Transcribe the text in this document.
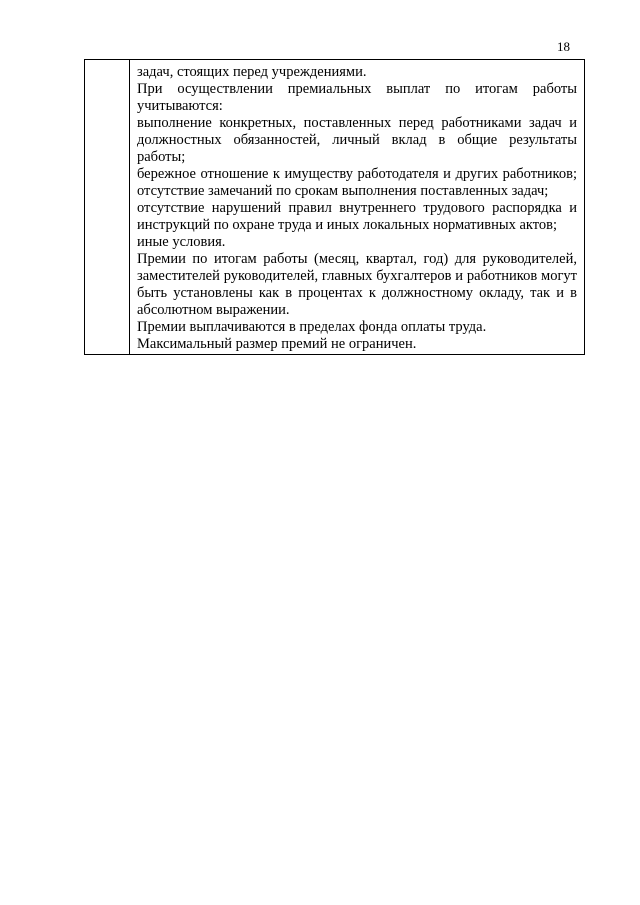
18

задач, стоящих перед учреждениями.

При осуществлении премиальных выплат по итогам работы учитываются:

выполнение конкретных, поставленных перед работниками задач и должностных обязанностей, личный вклад в общие результаты работы;

бережное отношение к имуществу работодателя и других работников; отсутствие замечаний по срокам выполнения поставленных задач;

отсутствие нарушений правил внутреннего трудового распорядка и инструкций по охране труда и иных локальных нормативных актов;

иные условия.

Премии по итогам работы (месяц, квартал, год) для руководителей, заместителей руководителей, главных бухгалтеров и работников могут быть установлены как в процентах к должностному окладу, так и в абсолютном выражении.

Премии выплачиваются в пределах фонда оплаты труда.

Максимальный размер премий не ограничен.
